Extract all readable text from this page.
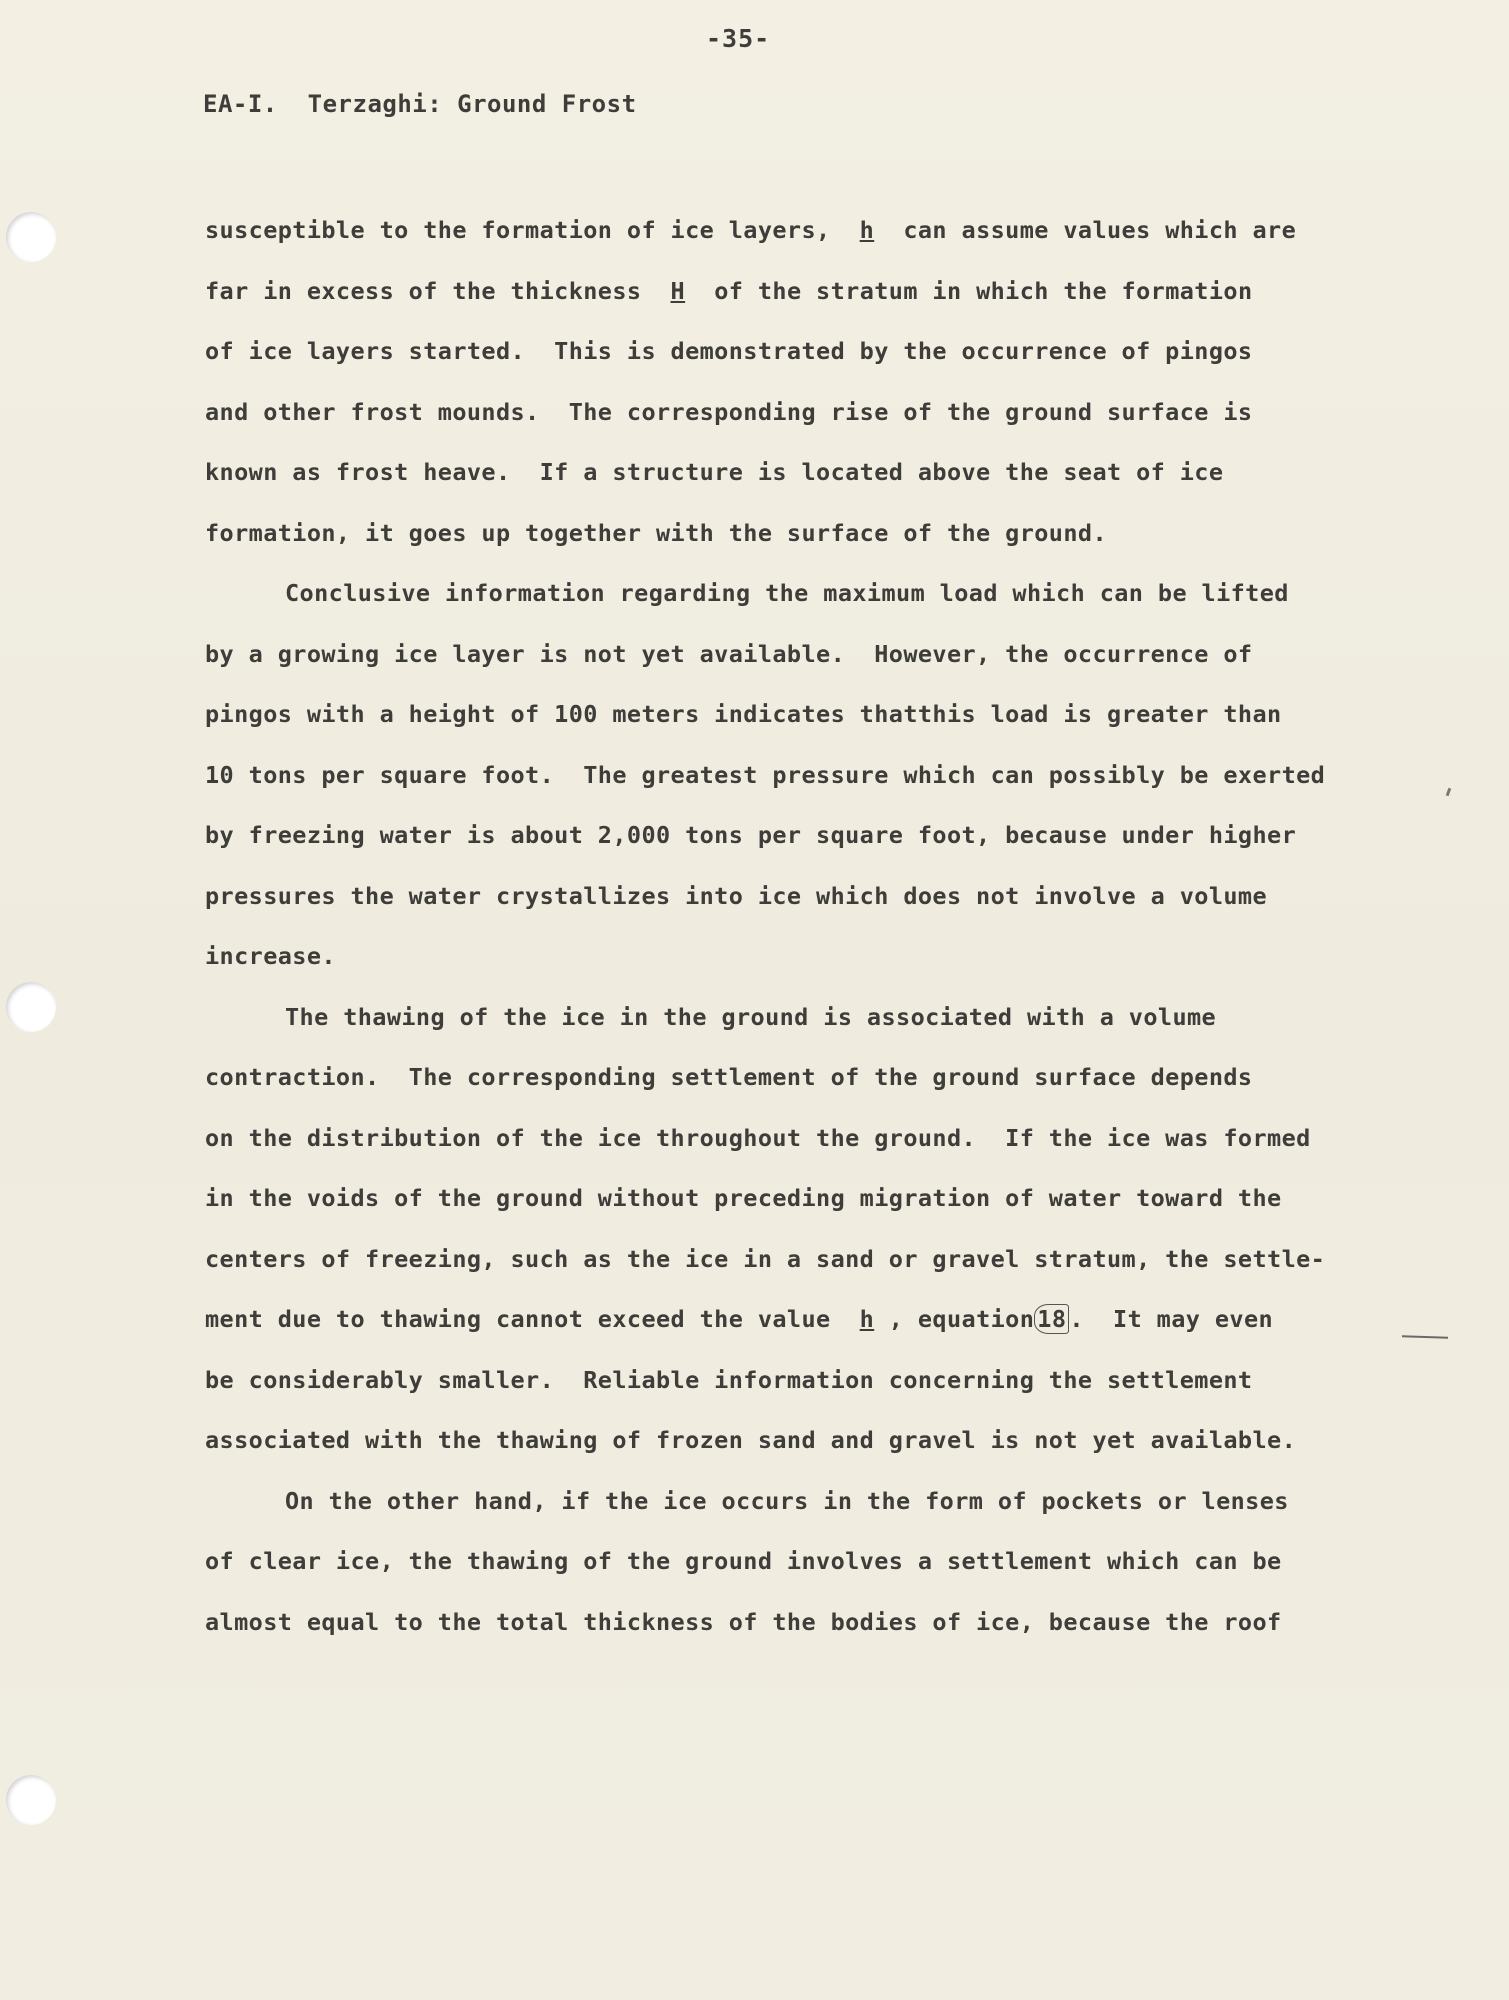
-35-
EA-I.  Terzaghi: Ground Frost
susceptible to the formation of ice layers,  h  can assume values which are
far in excess of the thickness  H  of the stratum in which the formation
of ice layers started.  This is demonstrated by the occurrence of pingos
and other frost mounds.  The corresponding rise of the ground surface is
known as frost heave.  If a structure is located above the seat of ice
formation, it goes up together with the surface of the ground.
Conclusive information regarding the maximum load which can be lifted
by a growing ice layer is not yet available.  However, the occurrence of
pingos with a height of 100 meters indicates thatthis load is greater than
10 tons per square foot.  The greatest pressure which can possibly be exerted
by freezing water is about 2,000 tons per square foot, because under higher
pressures the water crystallizes into ice which does not involve a volume
increase.
The thawing of the ice in the ground is associated with a volume
contraction.  The corresponding settlement of the ground surface depends
on the distribution of the ice throughout the ground.  If the ice was formed
in the voids of the ground without preceding migration of water toward the
centers of freezing, such as the ice in a sand or gravel stratum, the settle-
ment due to thawing cannot exceed the value  h , equation 18 .  It may even
be considerably smaller.  Reliable information concerning the settlement
associated with the thawing of frozen sand and gravel is not yet available.
On the other hand, if the ice occurs in the form of pockets or lenses
of clear ice, the thawing of the ground involves a settlement which can be
almost equal to the total thickness of the bodies of ice, because the roof
